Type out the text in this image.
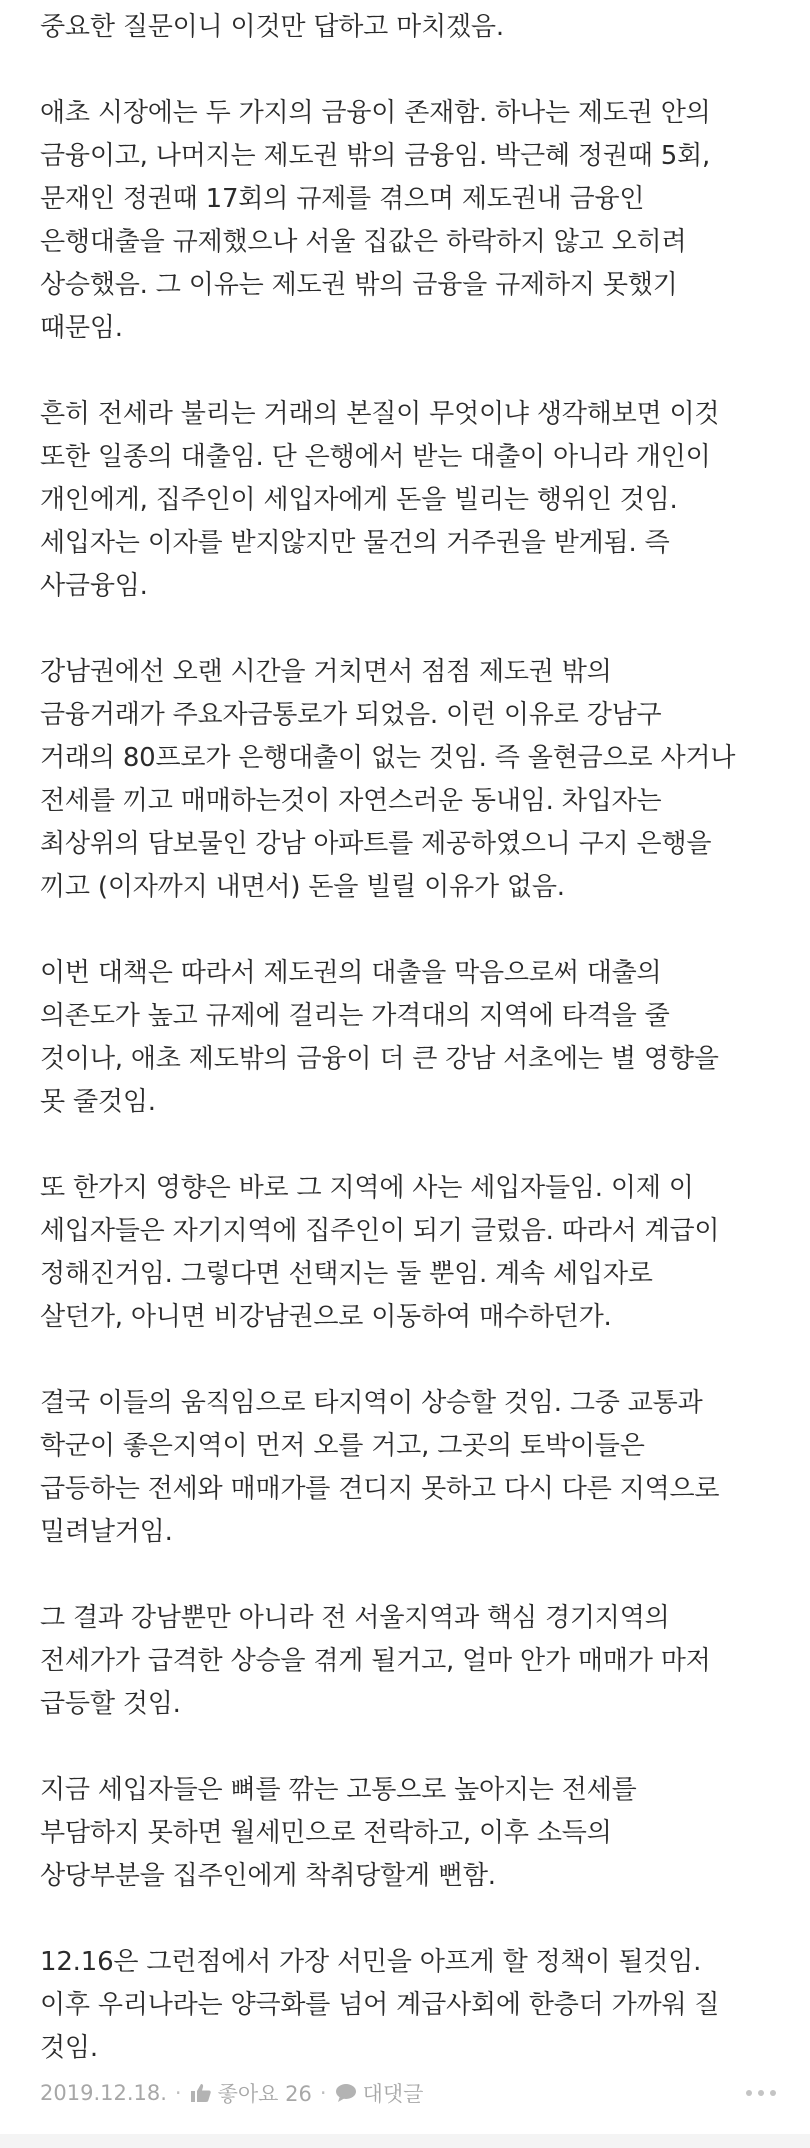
중요한 질문이니 이것만 답하고 마치겠음.
애초 시장에는 두 가지의 금융이 존재함. 하나는 제도권 안의
금융이고, 나머지는 제도권 밖의 금융임. 박근혜 정권때 5회,
문재인 정권때 17회의 규제를 겪으며 제도권내 금융인
은행대출을 규제했으나 서울 집값은 하락하지 않고 오히려
상승했음. 그 이유는 제도권 밖의 금융을 규제하지 못했기
때문임.
흔히 전세라 불리는 거래의 본질이 무엇이냐 생각해보면 이것
또한 일종의 대출임. 단 은행에서 받는 대출이 아니라 개인이
개인에게, 집주인이 세입자에게 돈을 빌리는 행위인 것임.
세입자는 이자를 받지않지만 물건의 거주권을 받게됨. 즉
사금융임.
강남권에선 오랜 시간을 거치면서 점점 제도권 밖의
금융거래가 주요자금통로가 되었음. 이런 이유로 강남구
거래의 80프로가 은행대출이 없는 것임. 즉 올현금으로 사거나
전세를 끼고 매매하는것이 자연스러운 동내임. 차입자는
최상위의 담보물인 강남 아파트를 제공하였으니 구지 은행을
끼고 (이자까지 내면서) 돈을 빌릴 이유가 없음.
이번 대책은 따라서 제도권의 대출을 막음으로써 대출의
의존도가 높고 규제에 걸리는 가격대의 지역에 타격을 줄
것이나, 애초 제도밖의 금융이 더 큰 강남 서초에는 별 영향을
못 줄것임.
또 한가지 영향은 바로 그 지역에 사는 세입자들임. 이제 이
세입자들은 자기지역에 집주인이 되기 글렀음. 따라서 계급이
정해진거임. 그렇다면 선택지는 둘 뿐임. 계속 세입자로
살던가, 아니면 비강남권으로 이동하여 매수하던가.
결국 이들의 움직임으로 타지역이 상승할 것임. 그중 교통과
학군이 좋은지역이 먼저 오를 거고, 그곳의 토박이들은
급등하는 전세와 매매가를 견디지 못하고 다시 다른 지역으로
밀려날거임.
그 결과 강남뿐만 아니라 전 서울지역과 핵심 경기지역의
전세가가 급격한 상승을 겪게 될거고, 얼마 안가 매매가 마저
급등할 것임.
지금 세입자들은 뼈를 깎는 고통으로 높아지는 전세를
부담하지 못하면 월세민으로 전락하고, 이후 소득의
상당부분을 집주인에게 착취당할게 뻔함.
12.16은 그런점에서 가장 서민을 아프게 할 정책이 될것임.
이후 우리나라는 양극화를 넘어 계급사회에 한층더 가까워 질
것임.
2019.12.18. · 좋아요 26 · 대댓글
